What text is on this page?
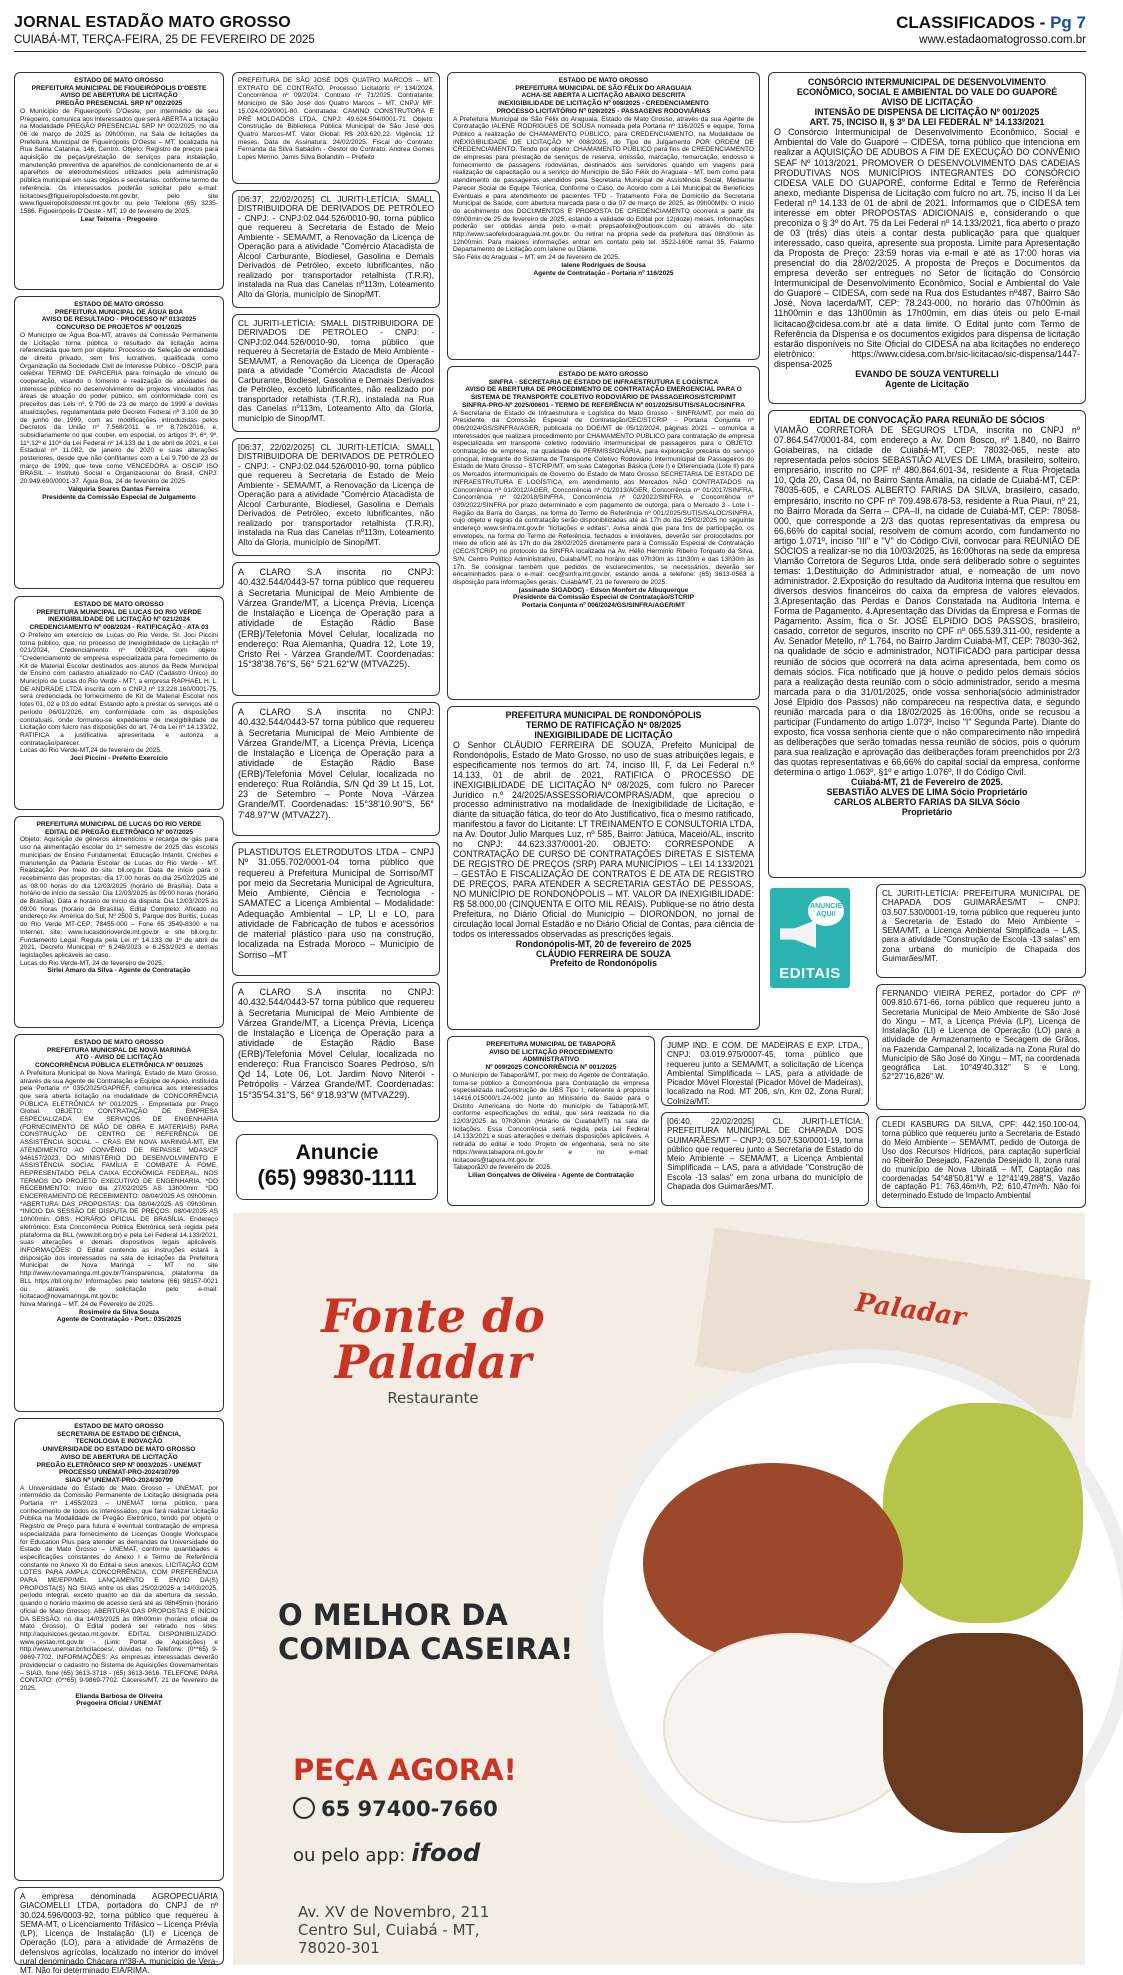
JORNAL ESTADÃO MATO GROSSO
CUIABÁ-MT, TERÇA-FEIRA, 25 DE FEVEREIRO DE 2025
CLASSIFICADOS - Pg 7
www.estadaomatogrosso.com.br
ESTADO DE MATO GROSSO
PREFEITURA MUNICIPAL DE FIGUEIRÓPOLIS D'OESTE
AVISO DE ABERTURA DE LICITAÇÃO
PREGÃO PRESENCIAL SRP Nº 002/2025
O Município de Figueirópolis D'Oeste, por intermédio de seu Pregoeiro, comunica aos interessados que será ABERTA a licitação na Modalidade PREGÃO PRESENCIAL SRP Nº 002/2025, no dia 06 de março de 2025 às 09h00min, na Sala de licitações da Prefeitura Municipal de Figueirópolis D'Oeste – MT, localizada na Rua Santa Catarina, 146, Centro. Objeto: Registro de preços para aquisição de peças/prestação de serviços para instalação, manutenção preventiva de aparelhos de condicionamento de ar e aparelhos de eletrodomésticos utilizados pela administração pública municipal em suas órgãos e secretarias, conforme termo de referência. Os interessados poderão solicitar pelo e-mail: licitacoes@figueiropolisdoeste.mt.gov.br, pelo site www.figueiropolisdoeste.mt.gov.br ou pelo Telefone (65) 3235-1586. Figueirópolis D'Oeste - MT, 19 de fevereiro de 2025.
Lear Teixeira - Pregoeiro
ESTADO DE MATO GROSSO
PREFEITURA MUNICIPAL DE ÁGUA BOA
AVISO DE RESULTADO - PROCESSO Nº 013/2025
CONCURSO DE PROJETOS Nº 001/2025
O Município de Água Boa-MT, através da Comissão Permanente de Licitação torna pública o resultado da licitação acima referenciada que tem por objeto: Processo de Seleção de entidade de direito privado, sem fins lucrativos, qualificada como Organização da Sociedade Civil de Interesse Público - OSCIP, para celebrar TERMO DE PARCERIA para formação de vínculo de cooperação, visando o fomento e realização de atividades de interesse público no desenvolvimento de projetos vinculados nas áreas de atuação do poder público, em conformidade com os preceitos das Leis nº. 9.790 de 23 de março de 1999 e devidas atualizações, regulamentada pelo Decreto Federal nº 3.100 de 30 de junho de 1999, com as modificações introduzidas pelos Decretos da União nº 7.568/2011 e nº 8.726/2016, e, subsidiariamente no que couber, em especial, os artigos 3º, 6º, 9º, 11º,12º e 110º da Lei Federal nº 14.133 de 1 de abril de 2021, e Lei Estadual nº 11.082, de janeiro de 2020 e suas alterações posteriores, desde que não conflitantes com a Lei 9.790 de 23 de março de 1999, que teve como VENCEDORA a: OSCIP ISO BRASIL – Instituto Social e Organizacional do Brasil, CNPJ: 20.949.690/0001-37. Água Boa, 24 de fevereiro de 2025.
Valquiria Soares Dantas Ferreira
Presidente da Comissão Especial de Julgamento
ESTADO DE MATO GROSSO
PREFEITURA MUNICIPAL DE LUCAS DO RIO VERDE
INEXIGIBILIDADE DE LICITAÇÃO Nº 021/2024
CREDENCIAMENTO Nº 008/2024 - RATIFICAÇÃO - ATA 03
O Prefeito em exercício de Lucas do Rio Verde, Sr. Joci Piccini torna público, que, no processo de Inexigibilidade de Licitação nº 021/2024, Credenciamento nº 008/2024, com objeto: "Credenciamento de empresa especializada para fornecimento de Kit de Material Escolar destinados aos alunos da Rede Municipal de Ensino com cadastro atualizado no CAD (Cadastro Único) do Município de Lucas do Rio Verde - MT", a empresa RAPHAEL H. L. DE ANDRADE LTDA inscrita com o CNPJ nº 13.228.160/0001-75, será credenciada no fornecimento de Kit de Material Escolar nos lotes 01, 02 e 03 do edital. Estando apto a prestar os serviços até o período 06/01/2026, em conformidade com as disposições contratuais, onde formulou-se expediente de inexigibilidade de Licitação com fulcro nas disposições do art. 74 da Lei nº 14.133/22, RATIFICA a justificativa apresentada e autoriza a contratação/parecer.
Lucas do Rio Verde-MT,24 de fevereiro de 2025.
Joci Piccini - Prefeito Exercício
PREFEITURA MUNICIPAL DE LUCAS DO RIO VERDE
EDITAL DE PREGÃO ELETRÔNICO Nº 007/2025
Objeto: Aquisição de gêneros alimentícios e recarga de gás para uso na alimentação escolar do 1º semestre de 2025 das escolas municipais de Ensino Fundamental, Educação Infantil, Creches e manutenção da Padaria Escolar de Lucas do Rio Verde - MT. Realização: Por meio do site: bll.org.br. Data de início para o recebimento das propostas: dia 17:00 horas do dia 25/02/2025 até as 08:00 horas do dia 12/03/2025 (horário de Brasília). Data e horário de início da sessão: Dia 12/03/2025 às 09:00 horas (horário de Brasília). Data e horário de início da disputa: Dia 12/03/2025 às 09:00 horas (horário de Brasília). Edital Completo: Afixado no endereço Av. América do Sul, Nº 2500 S, Parque dos Buritis, Lucas do Rio Verde MT-CEP: 78455-000 – Fone 65 3549-8300 e na Internet, site: www.lucasdorioverde.mt.gov.br e site bll.org.br. Fundamento Legal: Regula pela Lei nº 14.133 de 1º de abril de 2021, Decreto Municipal nº 6.248/2023 e 6.253/2023 e demais legislações aplicáveis ao caso.
Lucas do Rio Verde-MT, 24 de fevereiro de 2025.
Sirlei Amaro da Silva - Agente de Contratação
ESTADO DE MATO GROSSO
PREFEITURA MUNICIPAL DE NOVA MARINGÁ
ATO - AVISO DE LICITAÇÃO
CONCORRÊNCIA PÚBLICA ELETRÔNICA Nº 001/2025
A Prefeitura Municipal de Nova Maringá, Estado de Mato Grosso, através da sua Agente de Contratação e Equipe de Apoio, instituída pela Portaria nº 035/2025/GAPREF, comunica aos interessados que será aberta licitação na modalidade de CONCORRÊNCIA PÚBLICA ELETRÔNICA Nº 001/2025 - Empreitada por Preço Global. OBJETO: CONTRATAÇÃO DE EMPRESA ESPECIALIZADA EM SERVIÇOS DE ENGENHARIA (FORNECIMENTO DE MÃO DE OBRA E MATERIAIS) PARA CONSTRUÇÃO DE CENTRO DE REFERÊNCIA DE ASSISTÊNCIA SOCIAL – CRAS EM NOVA MARINGÁ-MT, EM ATENDIMENTO AO CONVÊNIO DE REPASSE MDAS/CF 946157/2023, DO MINISTÉRIO DO DESENVOLVIMENTO E ASSISTÊNCIA SOCIAL FAMÍLIA E COMBATE À FOME, REPRESENTADO PELA CAIXA ECONÔMICA FEDERAL, NOS TERMOS DO PROJETO EXECUTIVO DE ENGENHARIA. *DO RECEBIMENTO: Início dia 27/02/2025 AS 13h00min. *DO ENCERRAMENTO DE RECEBIMENTO: 08/04/2025 AS 09h00min. *ABERTURA DAS PROPOSTAS: Dia 08/04/2025 AS 09h30min. *INÍCIO DA SESSÃO DE DISPUTA DE PREÇOS: 08/04/2025 AS 10h00min: OBS: HORÁRIO OFICIAL DE BRASÍLIA. Endereço eletrônico: Esta Concorrência Pública Eletrônica será regida pela plataforma da BLL (www.bll.org.br) e pela Lei Federal 14.133/2021, suas alterações e demais dispositivos legais aplicáveis. INFORMAÇÕES: O Edital contendo as instruções estará à disposição dos interessados na sala de licitações da Prefeitura Municipal de Nova Maringá – MT no site http://www.novamaringa.mt.gov.br/Transparencia, plataforma da BLL https://bll.org.br/ Informações pelo telefone (66) 98157-0021 ou através de solicitação pelo e-mail: licitacao@novamaringa.mt.gov.br.
Nova Maringá – MT, 24 de Fevereiro de 2025.
Rosimeire da Silva Souza
Agente de Contratação - Port.: 035/2025
ESTADO DE MATO GROSSO
SECRETARIA DE ESTADO DE CIÊNCIA,
TECNOLOGIA E INOVAÇÃO
UNIVERSIDADE DO ESTADO DE MATO GROSSO
AVISO DE ABERTURA DE LICITAÇÃO
PREGÃO ELETRÔNICO SRP Nº 0003/2025 - UNEMAT
PROCESSO UNEMAT-PRO-2024/30799
SIAG Nº UNEMAT-PRO-2024/30799
A Universidade do Estado de Mato Grosso – UNEMAT, por intermédio da Comissão Permanente de Licitação designada pela Portaria nº 1.455/2023 – UNEMAT torna público, para conhecimento de todos os interessados, que fará realizar Licitação Pública na Modalidade de Pregão Eletrônico, tendo por objeto o Registro de Preço para futura e eventual contratação de empresa especializada para fornecimento de Licenças Google Workspace for Education Plus para atender as demandas da Universidade do Estado de Mato Grosso – UNEMAT, conforme quantidades e especificações constantes do Anexo I e Termo de Referência constante no Anexo XI do Edital e seus anexos. LICITAÇÃO COM LOTES PARA AMPLA CONCORRÊNCIA, COM PREFERÊNCIA PARA ME/EPP/MEI. LANÇAMENTO E ENVIO DA(S) PROPOSTA(S) NO SIAG entre os dias 25/02/2025 a 14/03/2025, período integral, exceto quanto ao dia da abertura da sessão, quando o horário máximo de acesso será até as 08h45min (horário oficial de Mato Grosso). ABERTURA DAS PROPOSTAS E INÍCIO DA SESSÃO: no dia 14/03/2025 às 09h00min (horário oficial de Mato Grosso). O Edital poderá ser retirado nos sites: http://aquisicoes.gestao.mt.gov.br. EDITAL DISPONIBILIZADO: www.gestao.mt.gov.br - (Link: Portal de Aquisições) e http://www.unemat.br/licitacoes/, dúvidas no Telefone: (0**65) 9-9869-7702. INFORMAÇÕES: As empresas interessadas deverão providenciar o cadastro no Sistema de Aquisições Governamentais – SIAG, fone (65) 3613-3718 - (65) 3613-3616. TELEFONE PARA CONTATO: (0**65) 9-9869-7702. Cáceres/MT, 21 de fevereiro de 2025.
Elianda Barbosa de Oliveira
Pregoeira Oficial / UNEMAT
A empresa denominada AGROPECUÁRIA GIACOMELLI LTDA, portadora do CNPJ de nº 30.024.596/0003-92, torna público que requereu à SEMA-MT, o Licenciamento Trifásico – Licença Prévia (LP), Licença de Instalação (LI) e Licença de Operação (LO), para a atividade de Armazéns de defensivos agrícolas, localizado no interior do imóvel rural denominado Chácara nº38-A, município de Vera-MT. Não foi determinado EIA/RIMA.
PREFEITURA DE SÃO JOSÉ DOS QUATRO MARCOS – MT. EXTRATO DE CONTRATO. Processo Licitatório nº 134/2024. Concorrência nº 09/2024. Contrato nº 71/2025. Contratante: Município de São José dos Quatro Marcos – MT. CNPJ/ MF: 15.024.029/0001-80. Contratada: CAMINO CONSTRUTORA E PRÉ MOLDADOS LTDA. CNPJ: 49.624.504/0001-71. Objeto: Construção de Biblioteca Pública Municipal de São José dos Quatro Marcos-MT. Valor Global: R$ 203.620,22. Vigência: 12 meses. Data de Assinatura: 24/02/2025. Fiscal do Contrato: Fernanda da Silva Sabadim - Gestor do Contrato: Andrea Gomes Lopes Merino. Jamis Silva Bolandim – Prefeito
[06:37, 22/02/2025] CL JURITI-LETÍCIA: SMALL DISTRIBUIDORA DE DERIVADOS DE PETRÓLEO - CNPJ: - CNPJ:02.044.526/0010-90, torna público que requereu à Secretaria de Estado de Meio Ambiente - SEMA/MT, a Renovação da Licença de Operação para a atividade "Comércio Atacadista de Álcool Carburante, Biodiesel, Gasolina e Demais Derivados de Petróleo, exceto lubrificantes, não realizado por transportador retalhista (T.R.R), instalada na Rua das Canelas nº113m, Loteamento Alto da Gloria, município de Sinop/MT.
CL JURITI-LETÍCIA: SMALL DISTRIBUIDORA DE DERIVADOS DE PETRÓLEO - CNPJ: - CNPJ:02.044.526/0010-90, torna público que requereu à Secretaria de Estado de Meio Ambiente - SEMA/MT, a Renovação da Licença de Operação para a atividade "Comércio Atacadista de Álcool Carburante, Biodiesel, Gasolina e Demais Derivados de Petróleo, exceto lubrificantes, não realizado por transportador retalhista (T.R.R), instalada na Rua das Canelas nº113m, Loteamento Alto da Gloria, município de Sinop/MT.
[06:37, 22/02/2025] CL JURITI-LETÍCIA: SMALL DISTRIBUIDORA DE DERIVADOS DE PETRÓLEO - CNPJ: - CNPJ:02.044.526/0010-90, torna público que requereu à Secretaria de Estado de Meio Ambiente - SEMA/MT, a Renovação da Licença de Operação para a atividade "Comércio Atacadista de Álcool Carburante, Biodiesel, Gasolina e Demais Derivados de Petróleo, exceto lubrificantes, não realizado por transportador retalhista (T.R.R), instalada na Rua das Canelas nº113m, Loteamento Alto da Gloria, município de Sinop/MT.
A CLARO S.A inscrita no CNPJ: 40.432.544/0443-57 torna público que requereu à Secretaria Municipal de Meio Ambiente de Várzea Grande/MT, a Licença Prévia, Licença de Instalação e Licença de Operação para a atividade de Estação Rádio Base (ERB)/Telefonia Móvel Celular, localizada no endereço: Rua Alemanha, Quadra 12, Lote 19, Cristo Rei - Várzea Grande/MT. Coordenadas: 15°38'38.76"S, 56° 5'21.62"W (MTVAZ25).
A CLARO S.A inscrita no CNPJ: 40.432.544/0443-57 torna público que requereu à Secretaria Municipal de Meio Ambiente de Várzea Grande/MT, a Licença Prévia, Licença de Instalação e Licença de Operação para a atividade de Estação Rádio Base (ERB)/Telefonia Móvel Celular, localizada no endereço: Rua Rolândia, S/N Qd 39 Lt 15, Lot. 23 de Setembro – Ponte Nova -Várzea Grande/MT. Coordenadas: 15°38'10.90"S, 56° 7'48.97"W (MTVAZ27).
PLASTIDUTOS ELETRODUTOS LTDA – CNPJ Nº 31.055.702/0001-04 torna público que requereu à Prefeitura Municipal de Sorriso/MT por meio da Secretaria Municipal de Agricultura, Meio Ambiente, Ciência e Tecnologia - SAMATEC a Licença Ambiental – Modalidade: Adequação Ambiental – LP, LI e LO, para atividade de Fabricação de tubos e acessórios de material plástico para uso na construção, localizada na Estrada Moroco – Município de Sorriso –MT
A CLARO S.A inscrita no CNPJ: 40.432.544/0443-57 torna público que requereu à Secretaria Municipal de Meio Ambiente de Várzea Grande/MT, a Licença Prévia, Licença de Instalação e Licença de Operação para a atividade de Estação Rádio Base (ERB)/Telefonia Móvel Celular, localizada no endereço: Rua Francisco Soares Pedroso, s/n Qd 14, Lote 06, Lot. Jardim Novo Niterói - Petrópolis - Várzea Grande/MT. Coordenadas: 15°35'54.31"S, 56° 9'18.93"W (MTVAZ29).
Anuncie
(65) 99830-1111
ESTADO DE MATO GROSSO
PREFEITURA MUNICIPAL DE SÃO FÉLIX DO ARAGUAIA
ACHA-SE ABERTA A LICITAÇÃO ABAIXO DESCRITA
INEXIGIBILIDADE DE LICITAÇÃO Nº 008/2025 - CREDENCIAMENTO
PROCESSO LICITATÓRIO Nº 029/2025 - PASSAGENS RODOVIÁRIAS
A Prefeitura Municipal de São Félix do Araguaia, Estado de Mato Grosso, através da sua Agente de Contratação IALENE RODRIGUES DE SOUSA nomeada pela Portaria nº 116/2025 e equipe, Torna Público a realização de CHAMAMENTO PÚBLICO, para CREDENCIAMENTO, na Modalidade de INEXIGIBILIDADE DE LICITAÇÃO Nº 008/2025, do Tipo de Julgamento POR ORDEM DE CREDENCIAMENTO. Tendo por objeto: CHAMAMENTO PÚBLICO para fins de CREDENCIAMENTO de empresas para prestação de serviços de reserva, emissão, marcação, remarcação, endosso e fornecimento de passagens rodoviárias, destinados aos servidores quando em viagens para realização de capacitação ou a serviço do Município de São Félix do Araguaia - MT, bem como para atendimento de passageiros atendidos pela Secretaria Municipal de Assistência Social, Mediante Parecer Social de Equipe Técnica, Conforme o Caso, de Acordo com a Lei Municipal de Benefícios Eventuais e para atendimento de pacientes TFD - Tratamento Fora de Domicílio da Secretaria Municipal de Saúde, com abertura marcada para o dia 07 de março de 2025, às 09h00MIN. O início do acolhimento dos DOCUMENTOS E PROPOSTA DE CREDENCIAMENTO ocorrerá a partir da 09h00min de 25 de fevereiro de 2025, estando a validade do Edital por 12(doze) meses. Informações poderão ser obtidas ainda pelo e-mail: prepsaofelix@outlook.com ou através do site: http://www.saofelixdoaraguaia.mt.gov.br. Ou retirar na própria sede da prefeitura das 08h30min às 12h00min. Para maiores informações entrar em contato pelo tel. 3522-1606 ramal 35, Falarmo Departamento de Licitação com Ialene ou Diante.
São Félix do Araguaia – MT, em 24 de fevereiro de 2025.
Ialene Rodrigues de Sousa
Agente de Contratação - Portaria nº 116/2025
ESTADO DE MATO GROSSO
SINFRA - SECRETARIA DE ESTADO DE INFRAESTRUTURA E LOGÍSTICA
AVISO DE ABERTURA DE PROCEDIMENTO DE CONTRATAÇÃO EMERGENCIAL PARA O
SISTEMA DE TRANSPORTE COLETIVO RODOVIÁRIO DE PASSAGEIROS/STCRIP/MT
SINFRA-PRO-Nº 2025/00601 - TERMO DE REFERÊNCIA Nº 001/2025/SUTIS/SALOC/SINFRA
A Secretaria de Estado de Infraestrutura e Logística do Mato Grosso - SINFRA/MT, por meio do Presidente da Comissão Especial de Contratação/CEC/STCRIP - Portaria Conjunta nº 006/2024/GS/SINFRA/AGER, publicada no DOE/MT de 05/12/2024, páginas 20/21 – comunica a interessados que realizará procedimento por CHAMAMENTO PÚBLICO para contratação de empresa especializada em transporte coletivo rodoviário intermunicipal de passageiros para o OBJETO: contratação de empresa, na qualidade de PERMISSIONÁRIA, para exploração precária do serviço principal, integrante do Sistema de Transporte Coletivo Rodoviário Intermunicipal de Passageiros do Estado de Mato Grosso - STCRIP/MT, em suas Categorias Básica (Lote I) e Diferenciada (Lote II) para os Mercados intermunicipais de Governo do Estado de Mato Grosso SECRETARIA DE ESTADO DE INFRAESTRUTURA E LOGÍSTICA, em atendimento aos Mercados NÃO CONTRATADOS na Concorrência nº 01/2012/AGER, Concorrência nº 01/2013/AGER, Concorrência nº 01/2017/SINFRA, Concorrência nº 02/2018/SINFRA, Concorrência nº 02/2022/SINFRA e Concorrência nº 039/2022/SINFRA por prazo determinado e com pagamento de outorga, para o Mercado 3 - Lote I - Região da Barra do Garças, na forma do Termo de Referência nº 001/2025/SUTIS/SALOC/SINFRA, cujo objeto e regras da contratação serão disponibilizadas até às 17h do dia 25/02/2025 no seguinte endereço www.sinfra.mt.gov.br "licitações e editais". Avisa ainda que para fins de participação, os envelopes, na forma do Termo de Referência, fechados e invioláveis, deverão ser protocolados por meio de ofício até às 17h do dia 28/02/2025 diretamente para a Comissão Especial de Contratação (CEC/STCRIP) no protocolo da SINFRA localizada na Av. Hélio Hermínio Ribeiro Torquato da Silva, S/N, Centro Político Administrativo, Cuiabá/MT, no horário das 07h30m às 11h30m e das 13h30m às 17h. Se consignar também que pedidos de esclarecimentos, se necessários, deverão ser encaminhados para o e-mail: cec@sinfra.mt.gov.br, estando ainda a telefone: (65) 3613-0563 à disposição para informações gerais. Cuiabá/MT, 21 de fevereiro de 2025.
(assinado SIGADOC) - Edson Monfort de Albuquerque
Presidente da Comissão Especial de Contratação/STCRIP
Portaria Conjunta nº 006/2024/GS/SINFRA/AGER/MT
PREFEITURA MUNICIPAL DE RONDONÓPOLIS
TERMO DE RATIFICAÇÃO Nº 08/2025
INEXIGIBILIDADE DE LICITAÇÃO
O Senhor CLÁUDIO FERREIRA DE SOUZA, Prefeito Municipal de Rondonópolis, Estado de Mato Grosso, no uso de suas atribuições legais, e especificamente nos termos do art. 74, inciso III, F, da Lei Federal n.º 14.133, 01 de abril de 2021, RATIFICA O PROCESSO DE INEXIGIBILIDADE DE LICITAÇÃO Nº 08/2025, com fulcro no Parecer Jurídico n.º 24/2025/ASSESSORIA/COMPRAS/ADM, que apreciou o processo administrativo na modalidade de Inexigibilidade de Licitação, e diante da situação fática, do teor do Ato Justificativo, fica o mesmo ratificado, manifestou a favor do Licitante: LT TREINAMENTO E CONSULTORIA LTDA, na Av. Doutor Julio Marques Luz, nº 585, Bairro: Jatiúca, Maceió/AL, inscrito no CNPJ: 44.623.337/0001-20. OBJETO: CORRESPONDE A CONTRATAÇÃO DE CURSO DE CONTRATAÇÕES DIRETAS E SISTEMA DE REGISTRO DE PREÇOS (SRP) PARA MUNICÍPIOS – LEI 14.133/2021 – GESTÃO E FISCALIZAÇÃO DE CONTRATOS E DE ATA DE REGISTRO DE PREÇOS, PARA ATENDER A SECRETARIA GESTÃO DE PESSOAS, NO MUNICÍPIO DE RONDONÓPOLIS – MT. VALOR DA INEXIGIBILIDADE: R$ 58.000,00 (CINQUENTA E OITO MIL REAIS). Publique-se no átrio desta Prefeitura, no Diário Oficial do Município – DIORONDON, no jornal de circulação local Jornal Estadão e no Diário Oficial de Contas, para ciência de todos os interessados observadas as prescrições legais.
Rondonópolis-MT, 20 de fevereiro de 2025
CLÁUDIO FERREIRA DE SOUZA
Prefeito de Rondonópolis
PREFEITURA MUNICIPAL DE TABAPORÃ
AVISO DE LICITAÇÃO PROCEDIMENTO
ADMINISTRATIVO
Nº 009/2025 CONCORRÊNCIA Nº 001/2025
O Município de Tabaporã/MT, por meio do Agente de Contratação, torna-se público a Concorrência para Contratação de empresa especializada naConstrução de UBS Tipo I, referente à proposta 14416.015000/1-24-002 junto ao Ministério da Saúde para o Distrito Americana do Norte do município de Tabaporã-MT, conforme especificações do edital, que será realizada no dia 12/03/2025 às 07h30min (Horário de Cuiabá/MT) na sala de licitações. Essa Concorrência será regida pela Lei Federal 14.133/2021 e suas alterações e demais disposições aplicáveis. A retirada do edital e todo Projeto de engenharia, será no site https://www.tabapora.mt.gov.br e no e-mail: licitacoes@tapora.mt.gov.br
Tabaporã20 de fevereiro de 2025.
Lilian Gonçalves de Oliveira - Agente de Contratação
JUMP IND. E COM. DE MADEIRAS E EXP. LTDA., CNPJ: 03.019.975/0007-45, torna público que requereu junto a SEMA/MT, a solicitação de Licença Ambiental Simplificada – LAS, para a atividade de Picador Móvel Florestal (Picador Móvel de Madeiras), localizado na Rod. MT 206, s/n, Km 02, Zona Rural, Colniza/MT.
[06:40, 22/02/2025] CL JURITI-LETÍCIA: PREFEITURA MUNICIPAL DE CHAPADA DOS GUIMARÃES/MT – CNPJ: 03.507.530/0001-19, torna público que requereu junto a Secretaria de Estado do Meio Ambiente – SEMA/MT, a Licença Ambiental Simplificada – LAS, para a atividade "Construção de Escola -13 salas" em zona urbana do município de Chapada dos Guimarães/MT.
CONSÓRCIO INTERMUNICIPAL DE DESENVOLVIMENTO
ECONÔMICO, SOCIAL E AMBIENTAL DO VALE DO GUAPORÉ
AVISO DE LICITAÇÃO
INTENSÃO DE DISPENSA DE LICITAÇÃO Nº 001/2025
ART. 75, INCISO II, § 3º DA LEI FEDERAL Nº 14.133/2021
O Consórcio Intermunicipal de Desenvolvimento Econômico, Social e Ambiental do Vale do Guaporé – CIDESA, torna público que intenciona em realizar a AQUISIÇÃO DE ADUBOS A FIM DE EXECUÇÃO DO CONVÊNIO SEAF Nº 1013/2021, PROMOVER O DESENVOLVIMENTO DAS CADEIAS PRODUTIVAS NOS MUNICÍPIOS INTEGRANTES DO CONSÓRCIO CIDESA VALE DO GUAPORÉ, conforme Edital e Termo de Referência anexo, mediante Dispensa de Licitação com fulcro no art. 75, inciso II da Lei Federal nº 14.133 de 01 de abril de 2021. Informamos que o CIDESA tem interesse em obter PROPOSTAS ADICIONAIS e, considerando o que preconiza o § 3º do Art. 75 da Lei Federal nº 14.133/2021, fica aberto o prazo de 03 (três) dias úteis a contar desta publicação para que qualquer interessado, caso queira, apresente sua proposta. Limite para Apresentação da Proposta de Preço: 23:59 horas via e-mail e até as 17:00 horas via presencial do dia 28/02/2025. A proposta de Preços e Documentos da empresa deverão ser entregues no Setor de licitação do Consórcio Intermunicipal de Desenvolvimento Econômico, Social e Ambiental do Vale do Guaporé – CIDESA, com sede na Rua dos Estudantes nº487, Bairro São José, Nova lacerda/MT, CEP: 78.243-000, no horário das 07h00min às 11h00min e das 13h00min às 17h00min, em dias úteis ou pelo E-mail licitacao@cidesa.com.br até a data limite. O Edital junto com Termo de Referência da Dispensa e os documentos exigidos para dispensa de licitação estarão disponíveis no Site Oficial do CIDESA na aba licitações no endereço eletrônico: https://www.cidesa.com.br/sic-licitacao/sic-dispensa/1447-dispensa-2025
EVANDO DE SOUZA VENTURELLI
Agente de Licitação
EDITAL DE CONVOCAÇÃO PARA REUNIÃO DE SÓCIOS
VIAMÃO CORRETORA DE SEGUROS LTDA, inscrita no CNPJ nº 07.864.547/0001-84, com endereço a Av. Dom Bosco, nº 1.840, no Bairro Goiabeiras, na cidade de Cuiabá-MT, CEP: 78032-065, neste ato representada pelos sócios SEBASTIÃO ALVES DE LIMA, brasileiro, solteiro, empresário, inscrito no CPF nº 480.864.601-34, residente a Rua Projetada 10, Qda 20, Casa 04, no Bairro Santa Amália, na cidade de Cuiabá-MT, CEP: 78035-605, e CARLOS ALBERTO FARIAS DA SILVA, brasileiro, casado, empresário, inscrito no CPF nº 709.498.678-53, residente a Rua Piauí, nº 21, no Bairro Morada da Serra – CPA–II, na cidade de Cuiabá-MT, CEP: 78058-000, que corresponde a 2/3 das quotas representativas da empresa ou 66,66% do capital social, resolvem de comum acordo, com fundamento no artigo 1.071º, inciso "III" e "V" do Código Civil, convocar para REUNIÃO DE SÓCIOS a realizar-se no dia 10/03/2025, às 16:00horas na sede da empresa Viamão Corretora de Seguros Ltda, onde será deliberado sobre o seguintes temas: 1.Destituição do Administrador atual, e nomeação de um novo administrador. 2.Exposição do resultado da Auditoria interna que resultou em diversos desvios financeiros do caixa da empresa de valores elevados. 3.Apresentação das Perdas e Danos Constatada na Auditoria Interna e Forma de Pagamento. 4.Apresentação das Dívidas da Empresa e Formas de Pagamento. Assim, fica o Sr. JOSÉ ELPIDIO DOS PASSOS, brasileiro, casado, corretor de seguros, inscrito no CPF nº 065.539.311-00, residente a Av. Senador Metello, nº 1.764, no Bairro Jardim Cuiabá-MT, CEP: 78030-362, na qualidade de sócio e administrador, NOTIFICADO para participar dessa reunião de sócios que ocorrerá na data acima apresentada, bem como os demais sócios. Fica notificado que já houve o pedido pelos demais sócios para a realização desta reunião com o sócio administrador, sendo a mesma marcada para o dia 31/01/2025, onde vossa senhoria(sócio administrador José Elpidio dos Passos) não compareceu na respectiva data, e segundo reunião marcada para o dia 18/02/2025 às 16:00hs, onde se recusou a participar (Fundamento do artigo 1.073º, Inciso "I" Segunda Parte). Diante do exposto, fica vossa senhoria ciente que o não comparecimento não impedirá as deliberações que serão tomadas nessa reunião de sócios, pois o quórum para sua realização e aprovação das deliberações foram preenchidos por 2/3 das quotas representativas e 66,66% do capital social da empresa, conforme determina o artigo 1.063º, §1º e artigo 1.076º, II do Código Civil.
Cuiabá-MT, 21 de Fevereiro de 2025.
SEBASTIÃO ALVES DE LIMA Sócio Proprietário
CARLOS ALBERTO FARIAS DA SILVA Sócio
Proprietário
ANUNCIE AQUI!
EDITAIS
CL JURITI-LETÍCIA: PREFEITURA MUNICIPAL DE CHAPADA DOS GUIMARÃES/MT – CNPJ: 03.507.530/0001-19, torna público que requereu junto a Secretaria de Estado do Meio Ambiente – SEMA/MT, a Licença Ambiental Simplificada – LAS, para a atividade "Construção de Escola -13 salas" em zona urbana do município de Chapada dos Guimarães/MT.
FERNANDO VIEIRA PEREZ, portador do CPF nº 009.810.671-66, torna público que requereu junto a Secretaria Municipal de Meio Ambiente de São José do Xingu – MT, a Licença Prévia (LP), Licença de Instalação (LI) e Licença de Operação (LO) para a atividade de Armazenamento e Secagem de Grãos, na Fazenda Campanal 2, localizada na Zona Rural do Município de São José do Xingu – MT, na coordenada geográfica Lat. 10°49'40,312" S e Long. 52°27'16,826" W.
CLEDI KASBURG DA SILVA, CPF: 442.150.100-04, torna público que requereu junto a Secretaria de Estado do Meio Ambiente – SEMA/MT, pedido de Outorga de Uso dos Recursos Hídricos, para captação superficial no Ribeirão Desejado, Fazenda Desejado II, zona rural do município de Nova Ubiratã – MT, Captação nas coordenadas 54°48'50,81"W e 12°41'49,288"S, Vazão de captação P1: 763,46m³/h, P2: 610,47m³/h. Não foi determinado Estudo de Impacto Ambiental
Paladar
Fonte do Paladar
Restaurante
O MELHOR DA COMIDA CASEIRA!
PEÇA AGORA!
65 97400-7660
ou pelo app: ifood
Av. XV de Novembro, 211
Centro Sul, Cuiabá - MT,
78020-301
